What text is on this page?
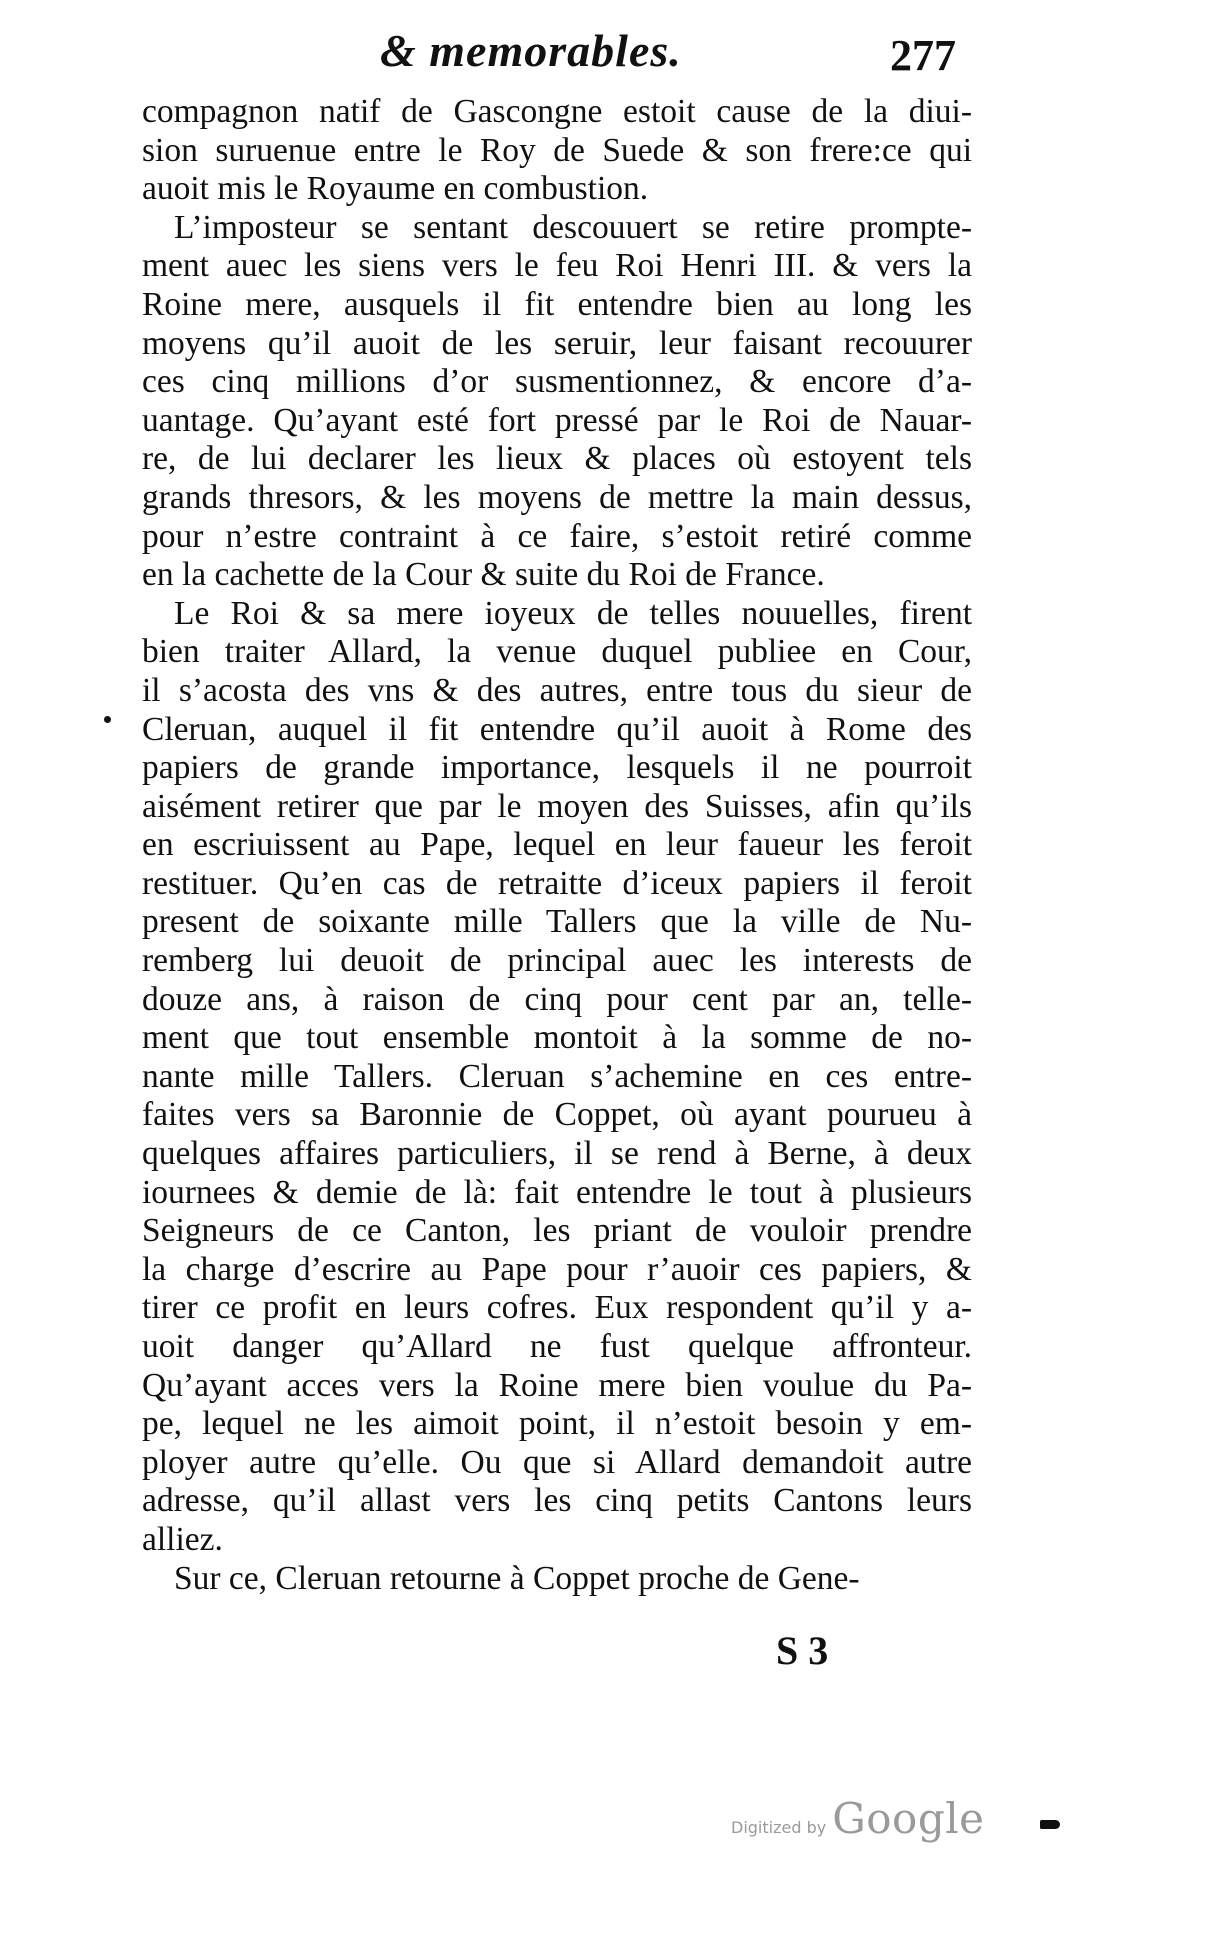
& memorables.	277
compagnon natif de Gascongne estoit cause de la diui-
sion suruenue entre le Roy de Suede & son frere:ce qui
auoit mis le Royaume en combustion.
L’imposteur se sentant descouuert se retire prompte-
ment auec les siens vers le feu Roi Henri III. & vers la
Roine mere, ausquels il fit entendre bien au long les
moyens qu’il auoit de les seruir, leur faisant recouurer
ces cinq millions d’or susmentionnez, & encore d’a-
uantage. Qu’ayant esté fort pressé par le Roi de Nauar-
re, de lui declarer les lieux & places où estoyent tels
grands thresors, & les moyens de mettre la main dessus,
pour n’estre contraint à ce faire, s’estoit retiré comme
en la cachette de la Cour & suite du Roi de France.
Le Roi & sa mere ioyeux de telles nouuelles, firent
bien traiter Allard, la venue duquel publiee en Cour,
il s’acosta des vns & des autres, entre tous du sieur de
Cleruan, auquel il fit entendre qu’il auoit à Rome des
papiers de grande importance, lesquels il ne pourroit
aisément retirer que par le moyen des Suisses, afin qu’ils
en escriuissent au Pape, lequel en leur faueur les feroit
restituer. Qu’en cas de retraitte d’iceux papiers il feroit
present de soixante mille Tallers que la ville de Nu-
remberg lui deuoit de principal auec les interests de
douze ans, à raison de cinq pour cent par an, telle-
ment que tout ensemble montoit à la somme de no-
nante mille Tallers. Cleruan s’achemine en ces entre-
faites vers sa Baronnie de Coppet, où ayant pourueu à
quelques affaires particuliers, il se rend à Berne, à deux
iournees & demie de là: fait entendre le tout à plusieurs
Seigneurs de ce Canton, les priant de vouloir prendre
la charge d’escrire au Pape pour r’auoir ces papiers, &
tirer ce profit en leurs cofres. Eux respondent qu’il y a-
uoit danger qu’Allard ne fust quelque affronteur.
Qu’ayant acces vers la Roine mere bien voulue du Pa-
pe, lequel ne les aimoit point, il n’estoit besoin y em-
ployer autre qu’elle. Ou que si Allard demandoit autre
adresse, qu’il allast vers les cinq petits Cantons leurs
alliez.
Sur ce, Cleruan retourne à Coppet proche de Gene-
S 3
Digitized by Google
